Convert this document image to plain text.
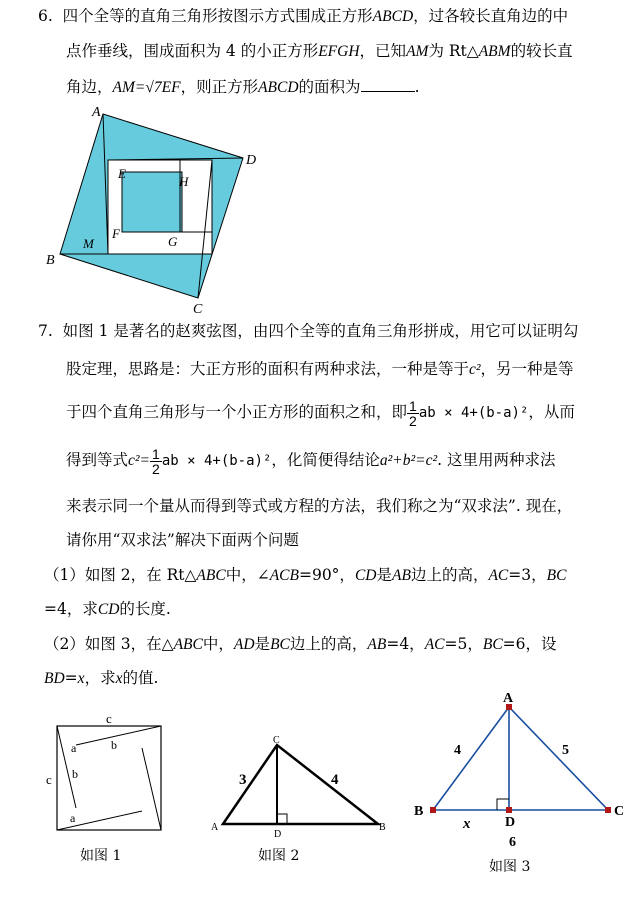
6. 四个全等的直角三角形按图示方式围成正方形ABCD，过各较长直角边的中
点作垂线，围成面积为 4 的小正方形EFGH，已知AM为 Rt△ABM的较长直
角边，AM=√7EF，则正方形ABCD的面积为	.
A
D
B
C
E
H
F
G
M
7. 如图 1 是著名的赵爽弦图，由四个全等的直角三角形拼成，用它可以证明勾
股定理，思路是：大正方形的面积有两种求法，一种是等于c²，另一种是等
于四个直角三角形与一个小正方形的面积之和，即 $\frac{1}{2}$ ab × 4+(b-a)²，从而
得到等式$c^2= \frac{1}{2}$ ab × 4+(b-a)²，化简便得结论a²+b²=c². 这里用两种求法
来表示同一个量从而得到等式或方程的方法，我们称之为“双求法”. 现在，
请你用“双求法”解决下面两个问题
（1）如图 2，在 Rt△ABC中，∠ACB=90°，CD是AB边上的高，AC=3，BC
=4，求CD的长度.
（2）如图 3，在△ABC中，AD是BC边上的高，AB=4，AC=5，BC=6，设
BD=x，求x的值.
c
c
a	b
b
a
如图 1
C
A	B
D
3	4
如图 2
A
B	C
D
4	5
x
6
如图 3
